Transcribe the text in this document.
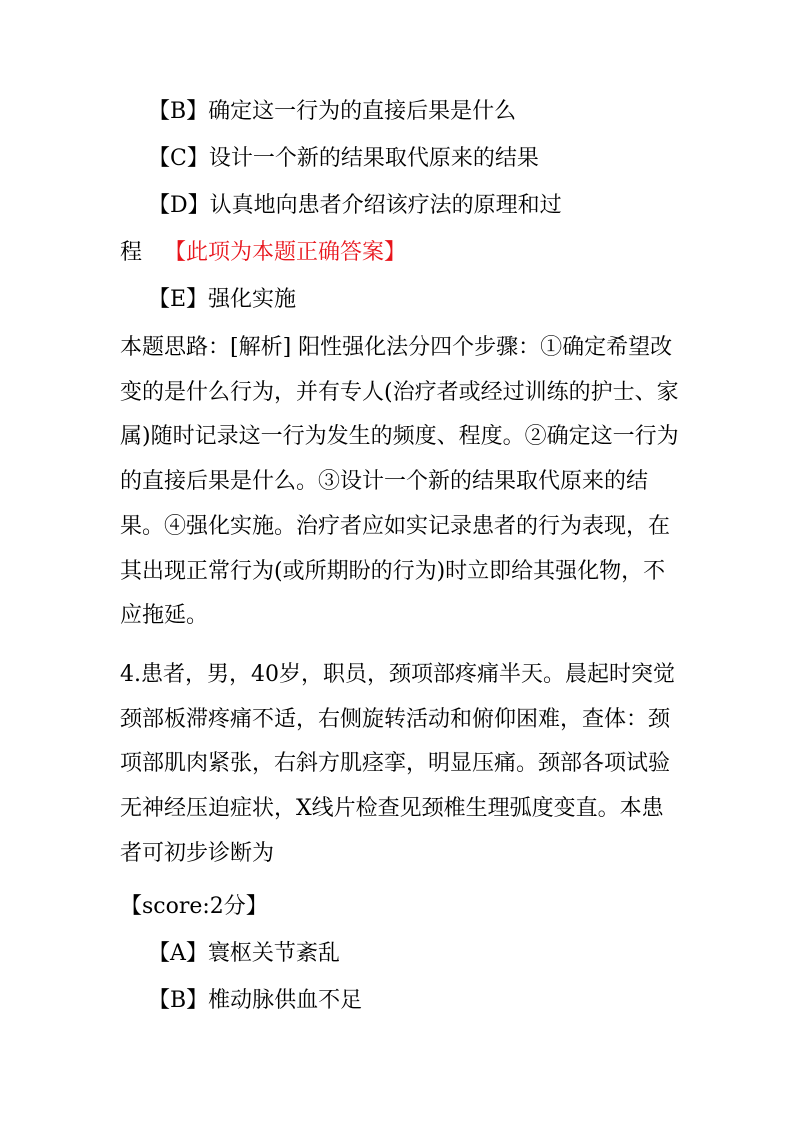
【B】确定这一行为的直接后果是什么
【C】设计一个新的结果取代原来的结果
【D】认真地向患者介绍该疗法的原理和过
程 【此项为本题正确答案】
【E】强化实施

本题思路：[解析] 阳性强化法分四个步骤：①确定希望改变的是什么行为，并有专人(治疗者或经过训练的护士、家属)随时记录这一行为发生的频度、程度。②确定这一行为的直接后果是什么。③设计一个新的结果取代原来的结果。④强化实施。治疗者应如实记录患者的行为表现，在其出现正常行为(或所期盼的行为)时立即给其强化物，不应拖延。

4.患者，男，40岁，职员，颈项部疼痛半天。晨起时突觉颈部板滞疼痛不适，右侧旋转活动和俯仰困难，查体：颈项部肌肉紧张，右斜方肌痉挛，明显压痛。颈部各项试验无神经压迫症状，X线片检查见颈椎生理弧度变直。本患者可初步诊断为

【score:2分】
【A】寰枢关节紊乱
【B】椎动脉供血不足
